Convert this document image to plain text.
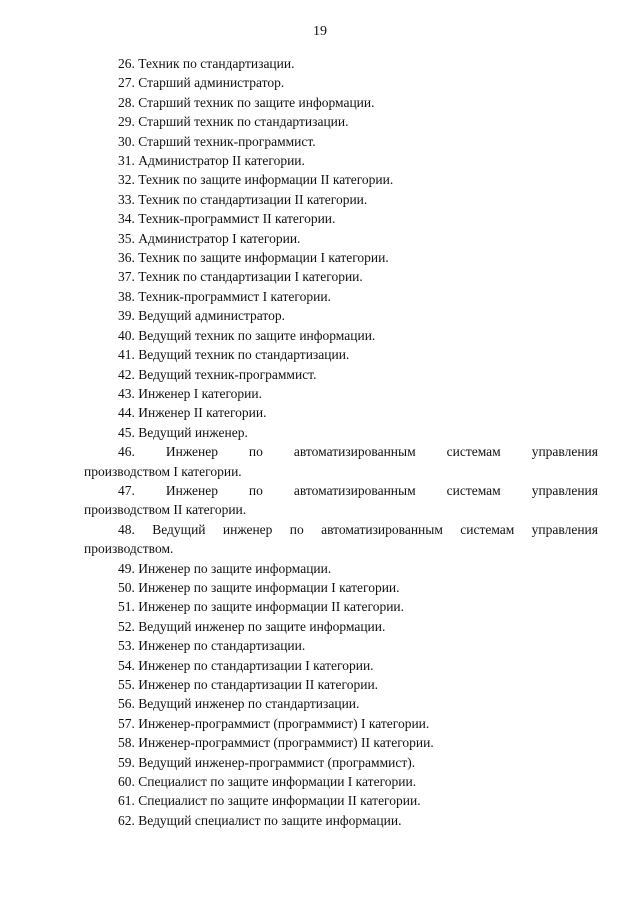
19
26. Техник по стандартизации.
27. Старший администратор.
28. Старший техник по защите информации.
29. Старший техник по стандартизации.
30. Старший техник-программист.
31. Администратор II категории.
32. Техник по защите информации II категории.
33. Техник по стандартизации II категории.
34. Техник-программист II категории.
35. Администратор I категории.
36. Техник по защите информации I категории.
37. Техник по стандартизации I категории.
38. Техник-программист I категории.
39. Ведущий администратор.
40. Ведущий техник по защите информации.
41. Ведущий техник по стандартизации.
42. Ведущий техник-программист.
43. Инженер I категории.
44. Инженер II категории.
45. Ведущий инженер.
46. Инженер по автоматизированным системам управления
производством I категории.
47. Инженер по автоматизированным системам управления
производством II категории.
48. Ведущий инженер по автоматизированным системам управления
производством.
49. Инженер по защите информации.
50. Инженер по защите информации I категории.
51. Инженер по защите информации II категории.
52. Ведущий инженер по защите информации.
53. Инженер по стандартизации.
54. Инженер по стандартизации I категории.
55. Инженер по стандартизации II категории.
56. Ведущий инженер по стандартизации.
57. Инженер-программист (программист) I категории.
58. Инженер-программист (программист) II категории.
59. Ведущий инженер-программист (программист).
60. Специалист по защите информации I категории.
61. Специалист по защите информации II категории.
62. Ведущий специалист по защите информации.
